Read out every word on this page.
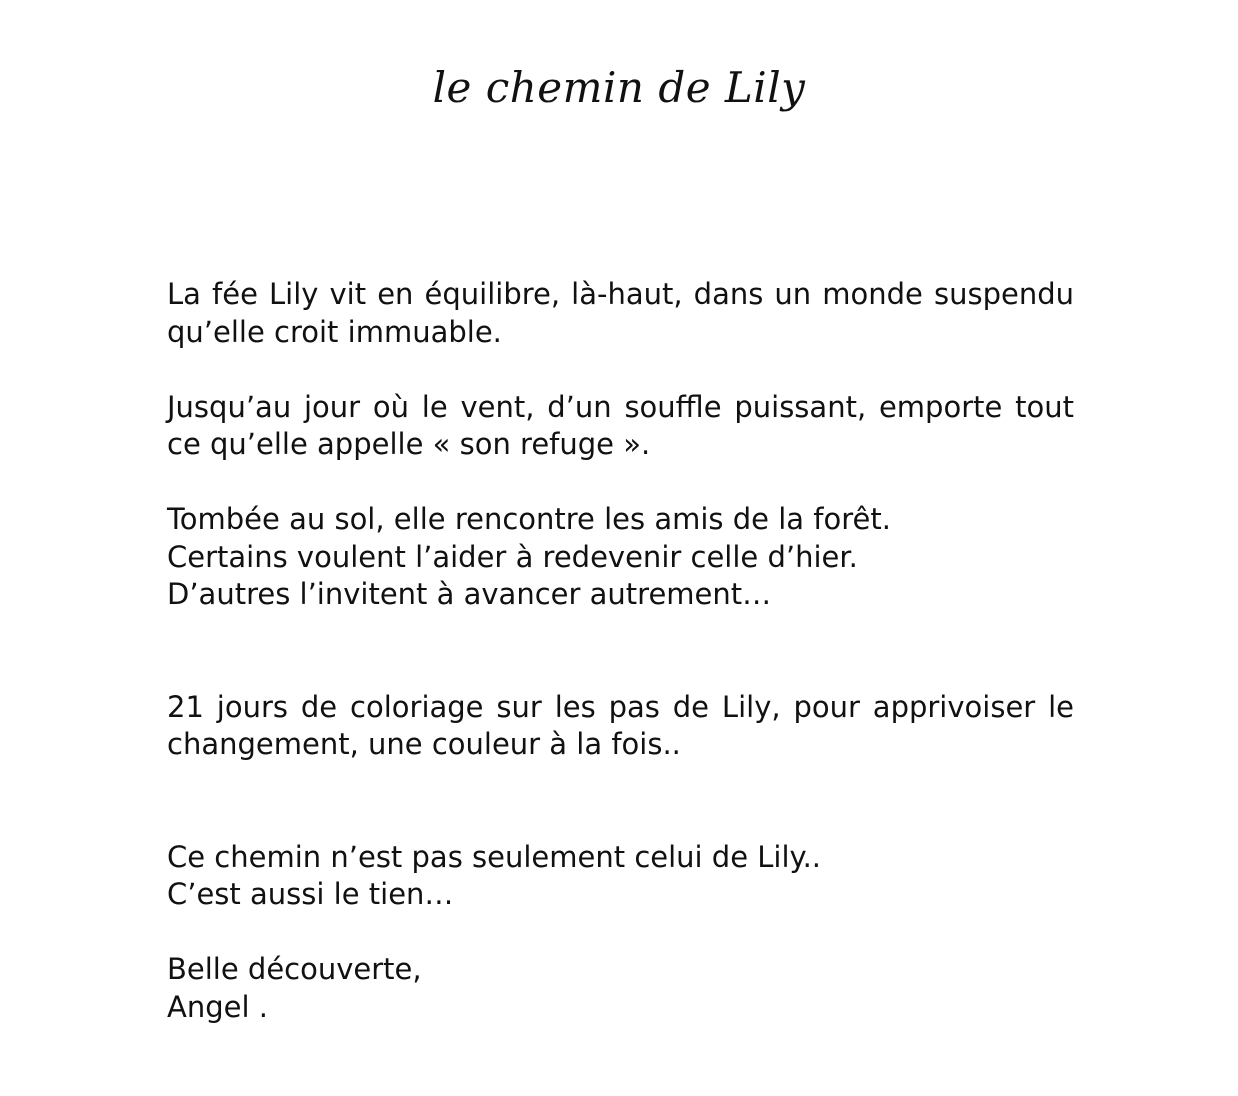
le chemin de Lily

La fée Lily vit en équilibre, là-haut, dans un monde suspendu qu’elle croit immuable.

Jusqu’au jour où le vent, d’un souffle puissant, emporte tout ce qu’elle appelle « son refuge ».

Tombée au sol, elle rencontre les amis de la forêt.
Certains voulent l’aider à redevenir celle d’hier.
D’autres l’invitent à avancer autrement…

21 jours de coloriage sur les pas de Lily, pour apprivoiser le changement, une couleur à la fois..

Ce chemin n’est pas seulement celui de Lily..
C’est aussi le tien…

Belle découverte,
Angel .
